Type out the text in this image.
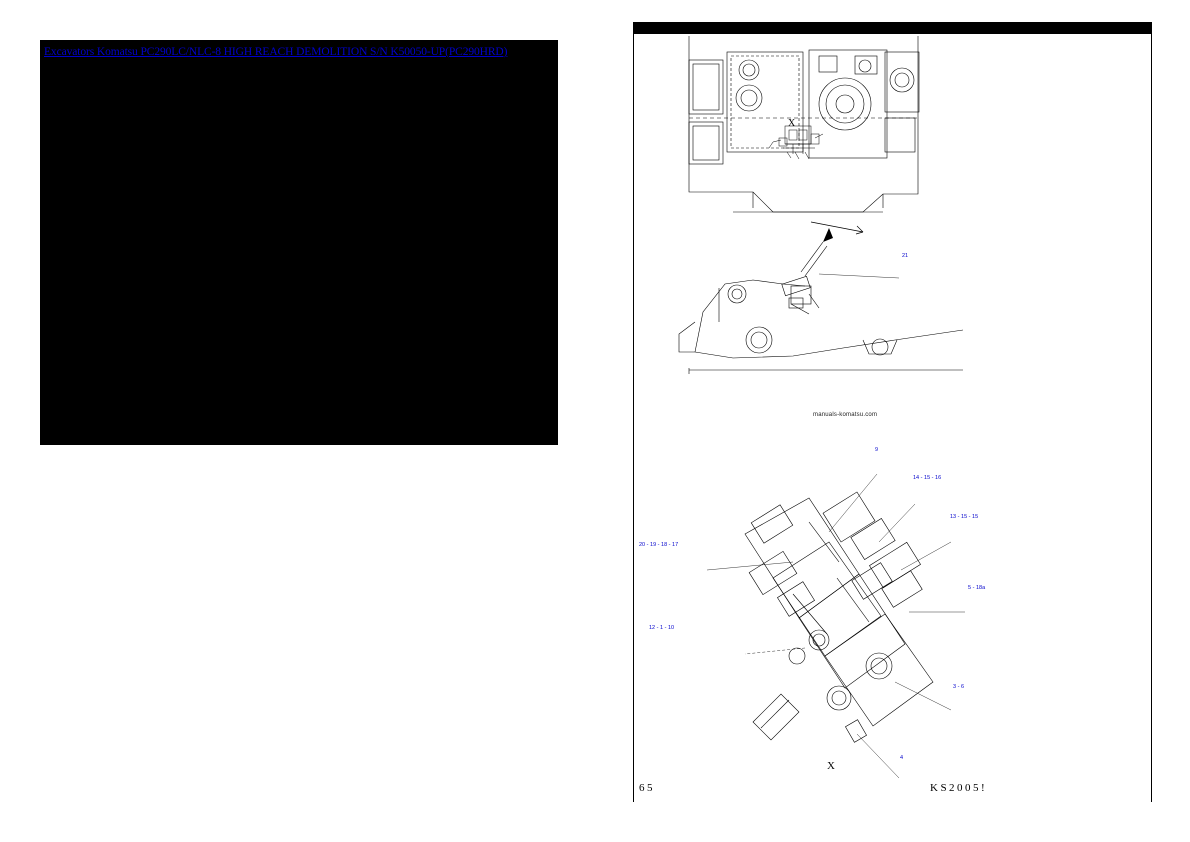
Excavators Komatsu PC290LC/NLC-8 HIGH REACH DEMOLITION S/N K50050-UP(PC290HRD)
manuals-komatsu.com
X
X
65	KS2005!
21
9
14 - 15 - 16
13 - 15 - 15
20 - 19 - 18 - 17
5 - 18a
12 - 1 - 10
3 - 6
4
